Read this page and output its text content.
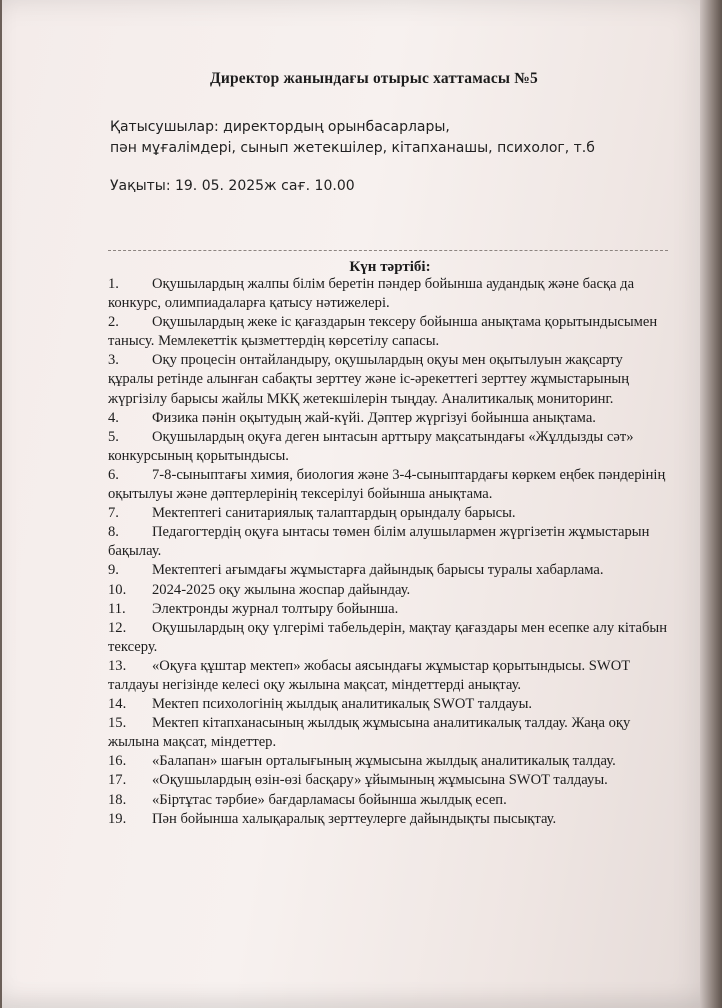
Директор жанындағы отырыс хаттамасы №5
Қатысушылар: директордың орынбасарлары,
пән мұғалімдері, сынып жетекшілер, кітапханашы, психолог, т.б
Уақыты: 19. 05. 2025ж сағ. 10.00
Күн тәртібі:

1. Оқушылардың жалпы білім беретін пәндер бойынша аудандық және басқа да конкурс, олимпиадаларға қатысу нәтижелері.

2. Оқушылардың жеке іс қағаздарын тексеру бойынша анықтама қорытындысымен танысу. Мемлекеттік қызметтердің көрсетілу сапасы.

3. Оқу процесін онтайландыру, оқушылардың оқуы мен оқытылуын жақсарту құралы ретінде алынған сабақты зерттеу және іс-әрекеттегі зерттеу жұмыстарының жүргізілу барысы жайлы МКҚ жетекшілерін тыңдау. Аналитикалық мониторинг.

4. Физика пәнін оқытудың жай-күйі. Дәптер жүргізуі бойынша анықтама.

5. Оқушылардың оқуға деген ынтасын арттыру мақсатындағы «Жұлдызды сәт» конкурсының қорытындысы.

6. 7-8-сыныптағы химия, биология және 3-4-сыныптардағы көркем еңбек пәндерінің оқытылуы және дәптерлерінің тексерілуі бойынша анықтама.

7. Мектептегі санитариялық талаптардың орындалу барысы.

8. Педагогтердің оқуға ынтасы төмен білім алушылармен жүргізетін жұмыстарын бақылау.

9. Мектептегі ағымдағы жұмыстарға дайындық барысы туралы хабарлама.

10. 2024-2025 оқу жылына жоспар дайындау.

11. Электронды журнал толтыру бойынша.

12. Оқушылардың оқу үлгерімі табельдерін, мақтау қағаздары мен есепке алу кітабын тексеру.

13. «Оқуға құштар мектеп» жобасы аясындағы жұмыстар қорытындысы. SWOT талдауы негізінде келесі оқу жылына мақсат, міндеттерді анықтау.

14. Мектеп психологінің жылдық аналитикалық SWOT талдауы.

15. Мектеп кітапханасының жылдық жұмысына аналитикалық талдау. Жаңа оқу жылына мақсат, міндеттер.

16. «Балапан» шағын орталығының жұмысына жылдық аналитикалық талдау.

17. «Оқушылардың өзін-өзі басқару» ұйымының жұмысына SWOT талдауы.

18. «Біртұтас тәрбие» бағдарламасы бойынша жылдық есеп.

19. Пән бойынша халықаралық зерттеулерге дайындықты пысықтау.
